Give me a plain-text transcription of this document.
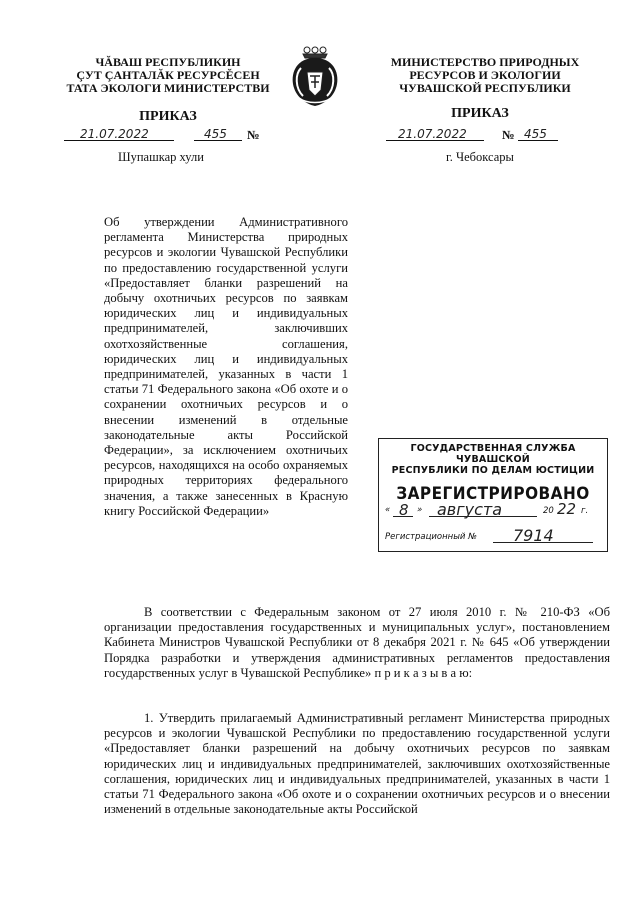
ЧĂВАШ РЕСПУБЛИКИН
ÇУТ ÇАНТАЛĂК РЕСУРСĔСЕН
ТАТА ЭКОЛОГИ МИНИСТЕРСТВИ
ПРИКАЗ
21.07.2022	455 №
Шупашкар хули
МИНИСТЕРСТВО ПРИРОДНЫХ
РЕСУРСОВ И ЭКОЛОГИИ
ЧУВАШСКОЙ РЕСПУБЛИКИ
ПРИКАЗ
21.07.2022	№ 455
г. Чебоксары
Об утверждении Административного регламента Министерства природных ресурсов и экологии Чувашской Республики по предоставлению государственной услуги «Предоставляет бланки разрешений на добычу охотничьих ресурсов по заявкам юридических лиц и индивидуальных предпринимателей, заключивших охотхозяйственные соглашения, юридических лиц и индивидуальных предпринимателей, указанных в части 1 статьи 71 Федерального закона «Об охоте и о сохранении охотничьих ресурсов и о внесении изменений в отдельные законодательные акты Российской Федерации», за исключением охотничьих ресурсов, находящихся на особо охраняемых природных территориях федерального значения, а также занесенных в Красную книгу Российской Федерации»
ГОСУДАРСТВЕННАЯ СЛУЖБА ЧУВАШСКОЙ
РЕСПУБЛИКИ ПО ДЕЛАМ ЮСТИЦИИ
ЗАРЕГИСТРИРОВАНО
« 8 » августа	20 22 г.
Регистрационный № 7914
В соответствии с Федеральным законом от 27 июля 2010 г. № 210-ФЗ «Об организации предоставления государственных и муниципальных услуг», постановлением Кабинета Министров Чувашской Республики от 8 декабря 2021 г. № 645 «Об утверждении Порядка разработки и утверждения административных регламентов предоставления государственных услуг в Чувашской Республике» п р и к а з ы в а ю:
1. Утвердить прилагаемый Административный регламент Министерства природных ресурсов и экологии Чувашской Республики по предоставлению государственной услуги «Предоставляет бланки разрешений на добычу охотничьих ресурсов по заявкам юридических лиц и индивидуальных предпринимателей, заключивших охотхозяйственные соглашения, юридических лиц и индивидуальных предпринимателей, указанных в части 1 статьи 71 Федерального закона «Об охоте и о сохранении охотничьих ресурсов и о внесении изменений в отдельные законодательные акты Российской
